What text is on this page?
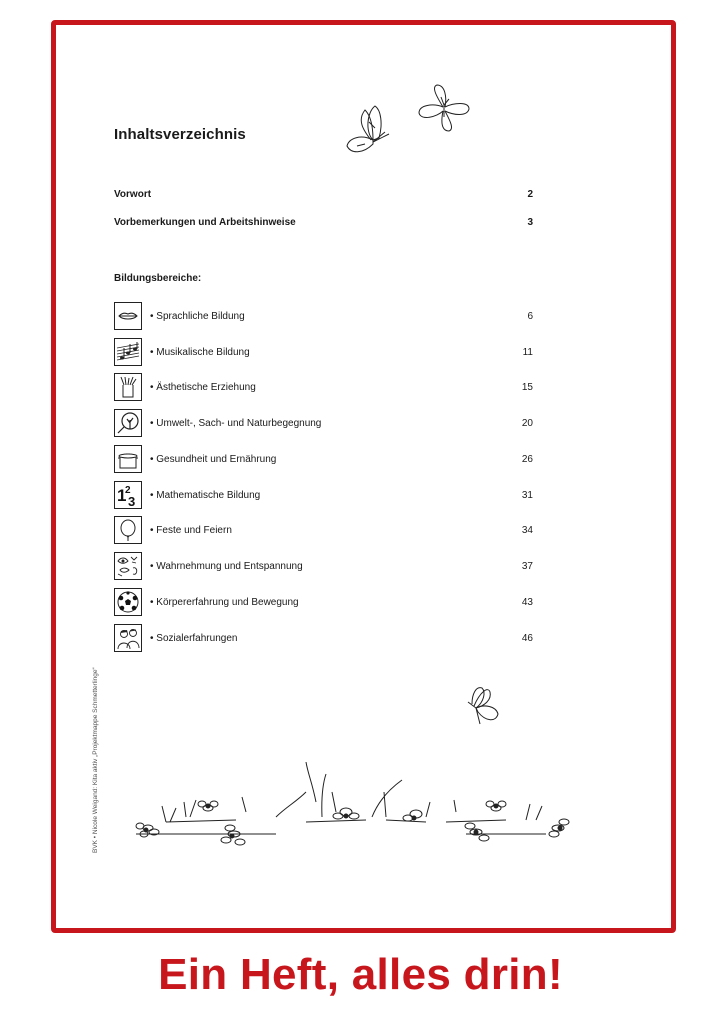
Inhaltsverzeichnis
Vorwort	2
Vorbemerkungen und Arbeitshinweise	3
Bildungsbereiche:
• Sprachliche Bildung	6
• Musikalische Bildung	11
• Ästhetische Erziehung	15
• Umwelt-, Sach- und Naturbegegnung	20
• Gesundheit und Ernährung	26
1
2
3 • Mathematische Bildung	31
• Feste und Feiern	34
• Wahrnehmung und Entspannung	37
• Körpererfahrung und Bewegung	43
• Sozialerfahrungen	46
BVK • Nicole Weigand: Kita aktiv „Projektmappe Schmetterlinge“
Ein Heft, alles drin!
